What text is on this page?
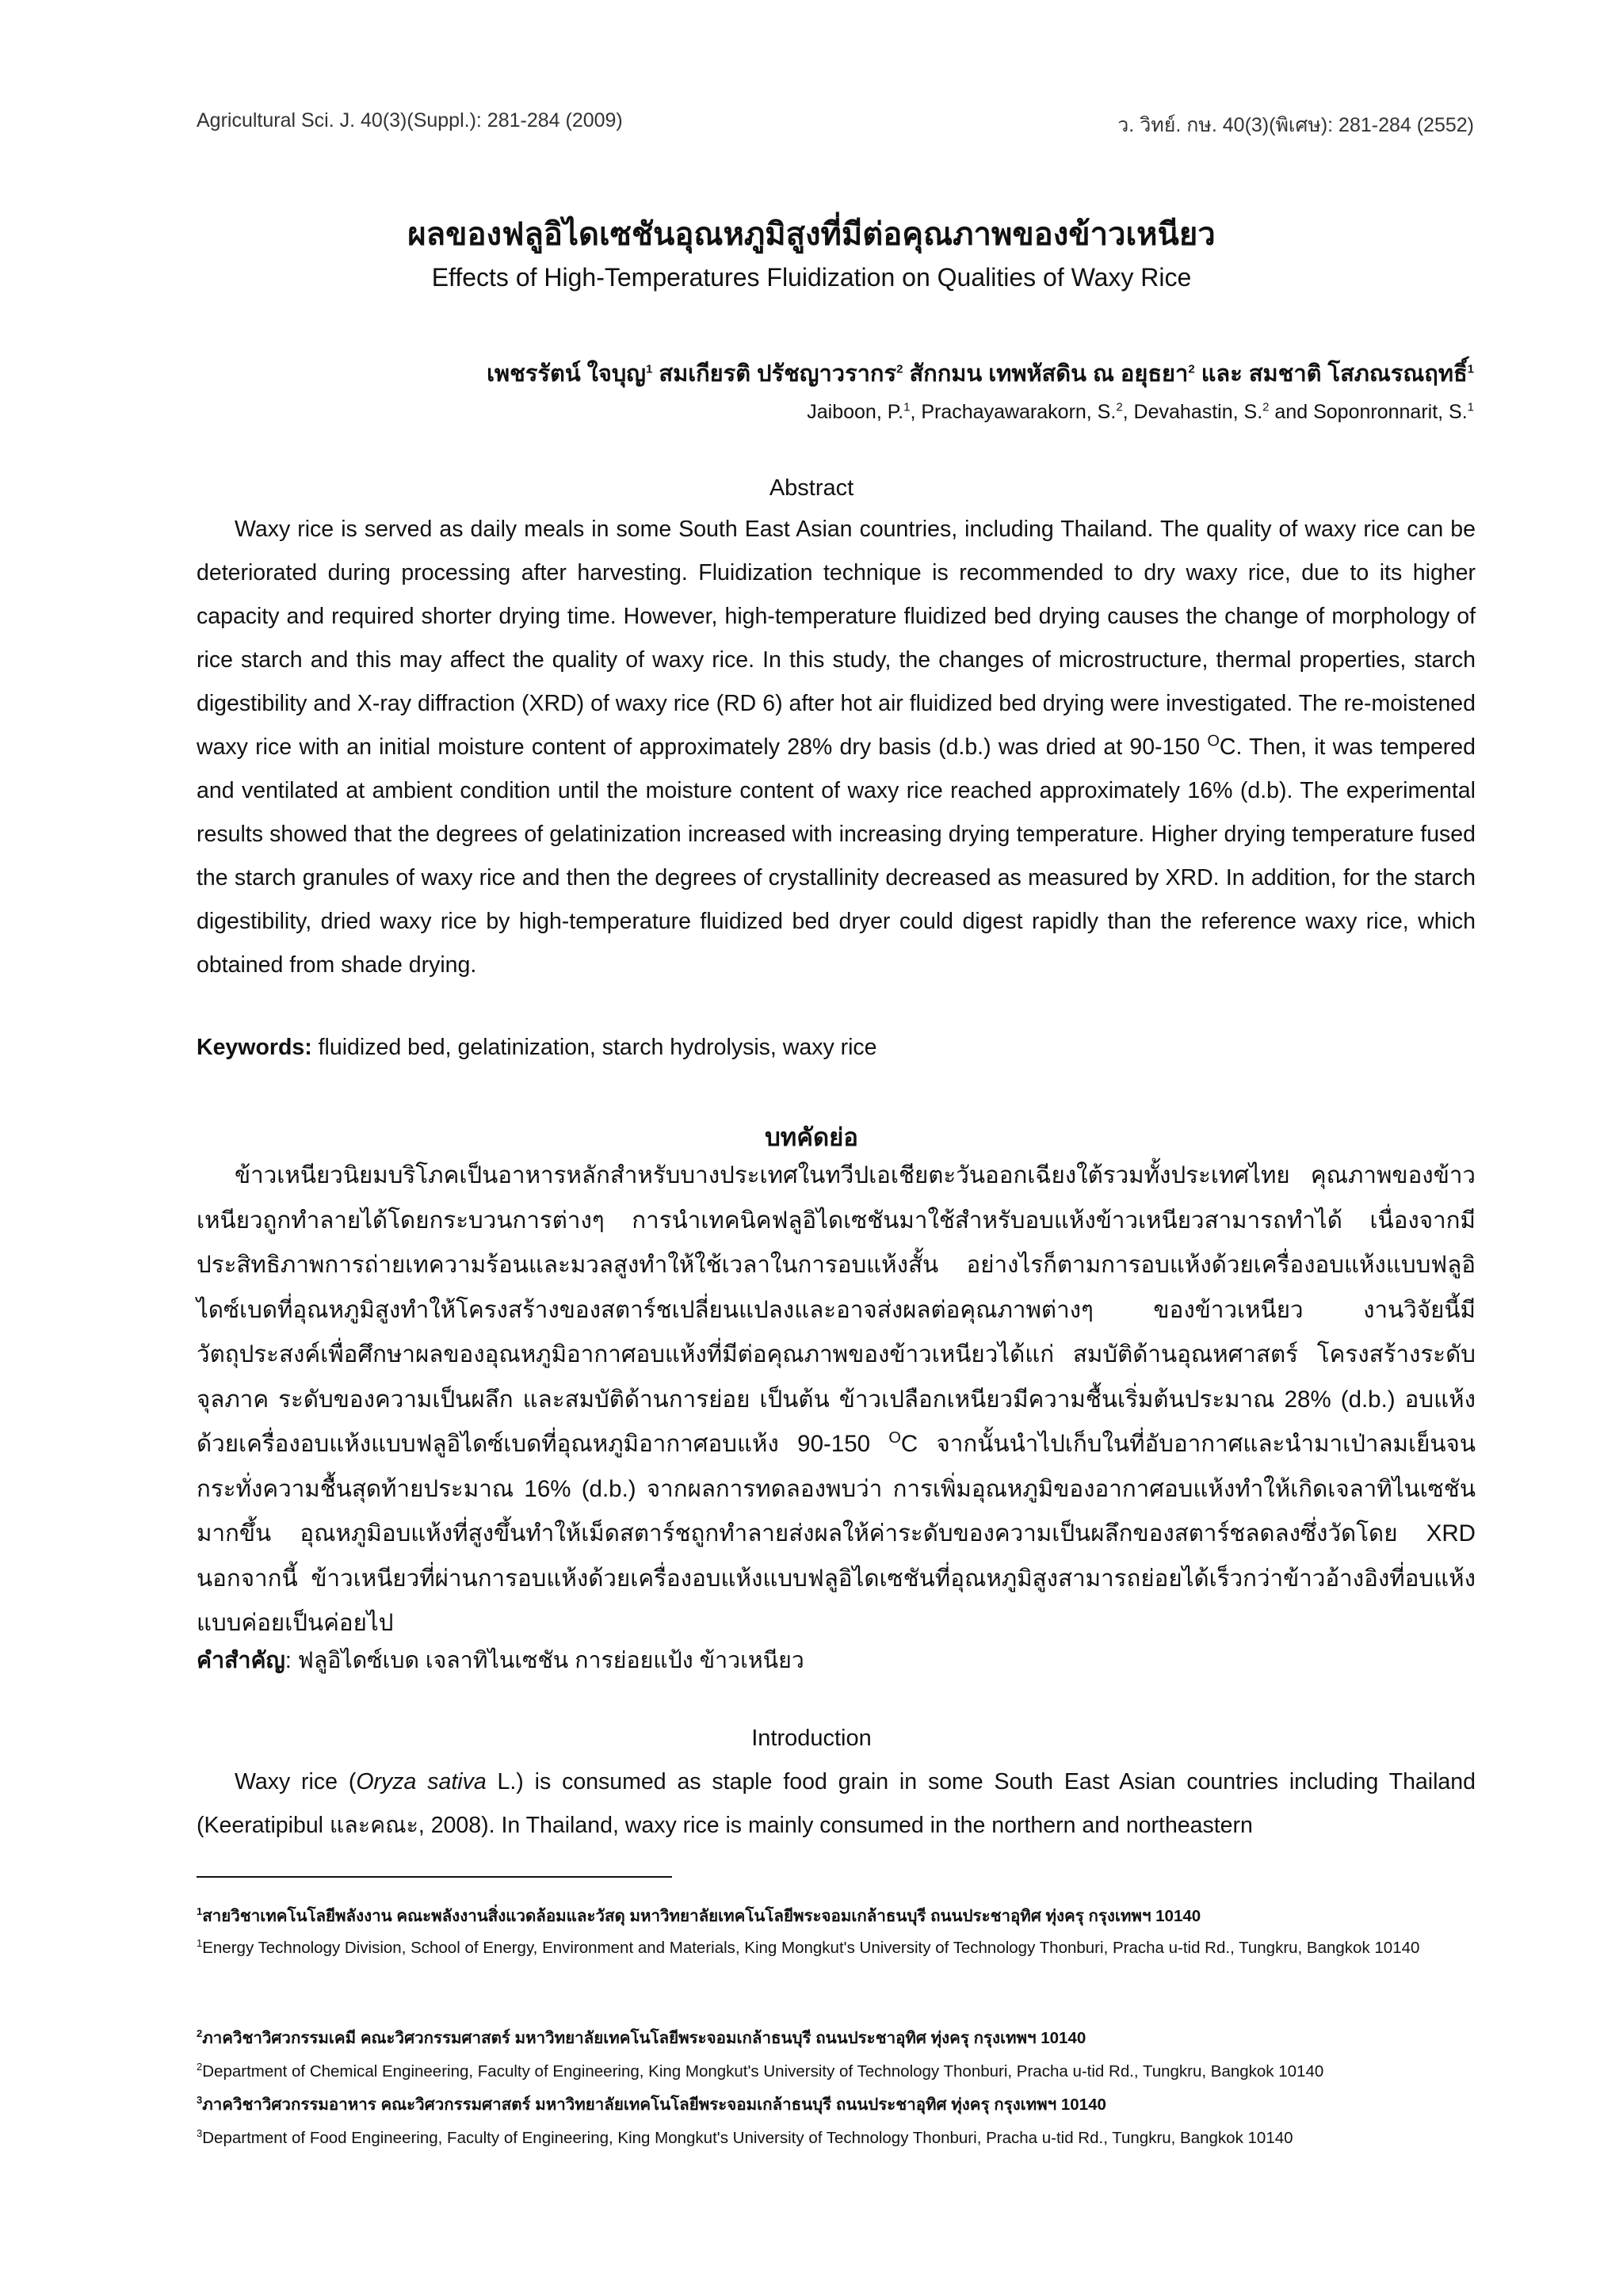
Agricultural Sci. J. 40(3)(Suppl.): 281-284 (2009)	ว. วิทย์. กษ. 40(3)(พิเศษ): 281-284 (2552)
ผลของฟลูอิไดเซชันอุณหภูมิสูงที่มีต่อคุณภาพของข้าวเหนียว
Effects of High-Temperatures Fluidization on Qualities of Waxy Rice
เพชรรัตน์ ใจบุญ$^1$ สมเกียรติ ปรัชญาวรากร$^2$ สักกมน เทพหัสดิน ณ อยุธยา$^2$ และ สมชาติ โสภณรณฤทธิ์$^1$
Jaiboon, P.$^1$, Prachayawarakorn, S.$^2$, Devahastin, S.$^2$ and Soponronnarit, S.$^1$
Abstract

Waxy rice is served as daily meals in some South East Asian countries, including Thailand. The quality of waxy rice can be deteriorated during processing after harvesting. Fluidization technique is recommended to dry waxy rice, due to its higher capacity and required shorter drying time. However, high-temperature fluidized bed drying causes the change of morphology of rice starch and this may affect the quality of waxy rice. In this study, the changes of microstructure, thermal properties, starch digestibility and X-ray diffraction (XRD) of waxy rice (RD 6) after hot air fluidized bed drying were investigated. The re-moistened waxy rice with an initial moisture content of approximately 28% dry basis (d.b.) was dried at 90-150 $^O$C. Then, it was tempered and ventilated at ambient condition until the moisture content of waxy rice reached approximately 16% (d.b). The experimental results showed that the degrees of gelatinization increased with increasing drying temperature. Higher drying temperature fused the starch granules of waxy rice and then the degrees of crystallinity decreased as measured by XRD. In addition, for the starch digestibility, dried waxy rice by high-temperature fluidized bed dryer could digest rapidly than the reference waxy rice, which obtained from shade drying.

Keywords: fluidized bed, gelatinization, starch hydrolysis, waxy rice
บทคัดย่อ

ข้าวเหนียวนิยมบริโภคเป็นอาหารหลักสำหรับบางประเทศในทวีปเอเชียตะวันออกเฉียงใต้รวมทั้งประเทศไทย คุณภาพของข้าวเหนียวถูกทำลายได้โดยกระบวนการต่างๆ การนำเทคนิคฟลูอิไดเซชันมาใช้สำหรับอบแห้งข้าวเหนียวสามารถทำได้ เนื่องจากมีประสิทธิภาพการถ่ายเทความร้อนและมวลสูงทำให้ใช้เวลาในการอบแห้งสั้น อย่างไรก็ตามการอบแห้งด้วยเครื่องอบแห้งแบบฟลูอิไดซ์เบดที่อุณหภูมิสูงทำให้โครงสร้างของสตาร์ชเปลี่ยนแปลงและอาจส่งผลต่อคุณภาพต่างๆ ของข้าวเหนียว งานวิจัยนี้มีวัตถุประสงค์เพื่อศึกษาผลของอุณหภูมิอากาศอบแห้งที่มีต่อคุณภาพของข้าวเหนียวได้แก่ สมบัติด้านอุณหศาสตร์ โครงสร้างระดับจุลภาค ระดับของความเป็นผลึก และสมบัติด้านการย่อย เป็นต้น ข้าวเปลือกเหนียวมีความชื้นเริ่มต้นประมาณ 28% (d.b.) อบแห้งด้วยเครื่องอบแห้งแบบฟลูอิไดซ์เบดที่อุณหภูมิอากาศอบแห้ง 90-150 $^O$C จากนั้นนำไปเก็บในที่อับอากาศและนำมาเป่าลมเย็นจนกระทั่งความชื้นสุดท้ายประมาณ 16% (d.b.) จากผลการทดลองพบว่า การเพิ่มอุณหภูมิของอากาศอบแห้งทำให้เกิดเจลาทิไนเซชันมากขึ้น อุณหภูมิอบแห้งที่สูงขึ้นทำให้เม็ดสตาร์ชถูกทำลายส่งผลให้ค่าระดับของความเป็นผลึกของสตาร์ชลดลงซึ่งวัดโดย XRD นอกจากนี้ ข้าวเหนียวที่ผ่านการอบแห้งด้วยเครื่องอบแห้งแบบฟลูอิไดเซชันที่อุณหภูมิสูงสามารถย่อยได้เร็วกว่าข้าวอ้างอิงที่อบแห้งแบบค่อยเป็นค่อยไป

คำสำคัญ: ฟลูอิไดซ์เบด เจลาทิไนเซชัน การย่อยแป้ง ข้าวเหนียว
Introduction

Waxy rice (Oryza sativa L.) is consumed as staple food grain in some South East Asian countries including Thailand (Keeratipibul และคณะ, 2008). In Thailand, waxy rice is mainly consumed in the northern and northeastern

$^1$สายวิชาเทคโนโลยีพลังงาน คณะพลังงานสิ่งแวดล้อมและวัสดุ มหาวิทยาลัยเทคโนโลยีพระจอมเกล้าธนบุรี ถนนประชาอุทิศ ทุ่งครุ กรุงเทพฯ 10140
$^1$Energy Technology Division, School of Energy, Environment and Materials, King Mongkut's University of Technology Thonburi, Pracha u-tid Rd., Tungkru, Bangkok 10140
$^2$ภาควิชาวิศวกรรมเคมี คณะวิศวกรรมศาสตร์ มหาวิทยาลัยเทคโนโลยีพระจอมเกล้าธนบุรี ถนนประชาอุทิศ ทุ่งครุ กรุงเทพฯ 10140
$^2$Department of Chemical Engineering, Faculty of Engineering, King Mongkut's University of Technology Thonburi, Pracha u-tid Rd., Tungkru, Bangkok 10140
$^3$ภาควิชาวิศวกรรมอาหาร คณะวิศวกรรมศาสตร์ มหาวิทยาลัยเทคโนโลยีพระจอมเกล้าธนบุรี ถนนประชาอุทิศ ทุ่งครุ กรุงเทพฯ 10140
$^3$Department of Food Engineering, Faculty of Engineering, King Mongkut's University of Technology Thonburi, Pracha u-tid Rd., Tungkru, Bangkok 10140
